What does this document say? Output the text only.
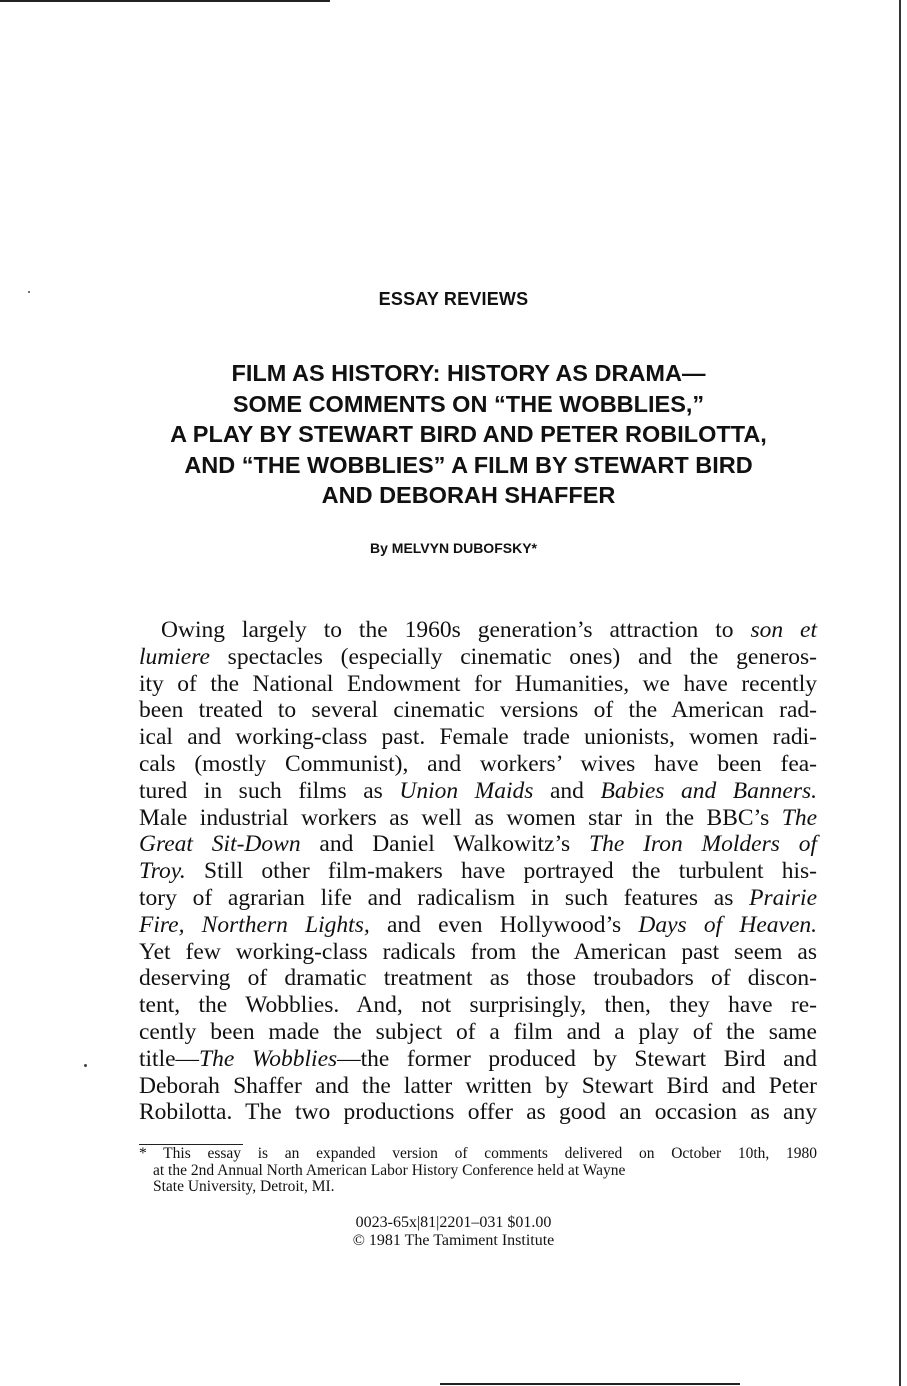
ESSAY REVIEWS
FILM AS HISTORY: HISTORY AS DRAMA—
SOME COMMENTS ON “THE WOBBLIES,”
A PLAY BY STEWART BIRD AND PETER ROBILOTTA,
AND “THE WOBBLIES” A FILM BY STEWART BIRD
AND DEBORAH SHAFFER
By MELVYN DUBOFSKY*
Owing largely to the 1960s generation’s attraction to son et
lumiere spectacles (especially cinematic ones) and the generos-
ity of the National Endowment for Humanities, we have recently
been treated to several cinematic versions of the American rad-
ical and working-class past. Female trade unionists, women radi-
cals (mostly Communist), and workers’ wives have been fea-
tured in such films as Union Maids and Babies and Banners.
Male industrial workers as well as women star in the BBC’s The
Great Sit-Down and Daniel Walkowitz’s The Iron Molders of
Troy. Still other film-makers have portrayed the turbulent his-
tory of agrarian life and radicalism in such features as Prairie
Fire, Northern Lights, and even Hollywood’s Days of Heaven.
Yet few working-class radicals from the American past seem as
deserving of dramatic treatment as those troubadors of discon-
tent, the Wobblies. And, not surprisingly, then, they have re-
cently been made the subject of a film and a play of the same
title—The Wobblies—the former produced by Stewart Bird and
Deborah Shaffer and the latter written by Stewart Bird and Peter
Robilotta. The two productions offer as good an occasion as any
* This essay is an expanded version of comments delivered on October 10th, 1980
at the 2nd Annual North American Labor History Conference held at Wayne
State University, Detroit, MI.
0023-65x|81|2201–031 $01.00
© 1981 The Tamiment Institute
